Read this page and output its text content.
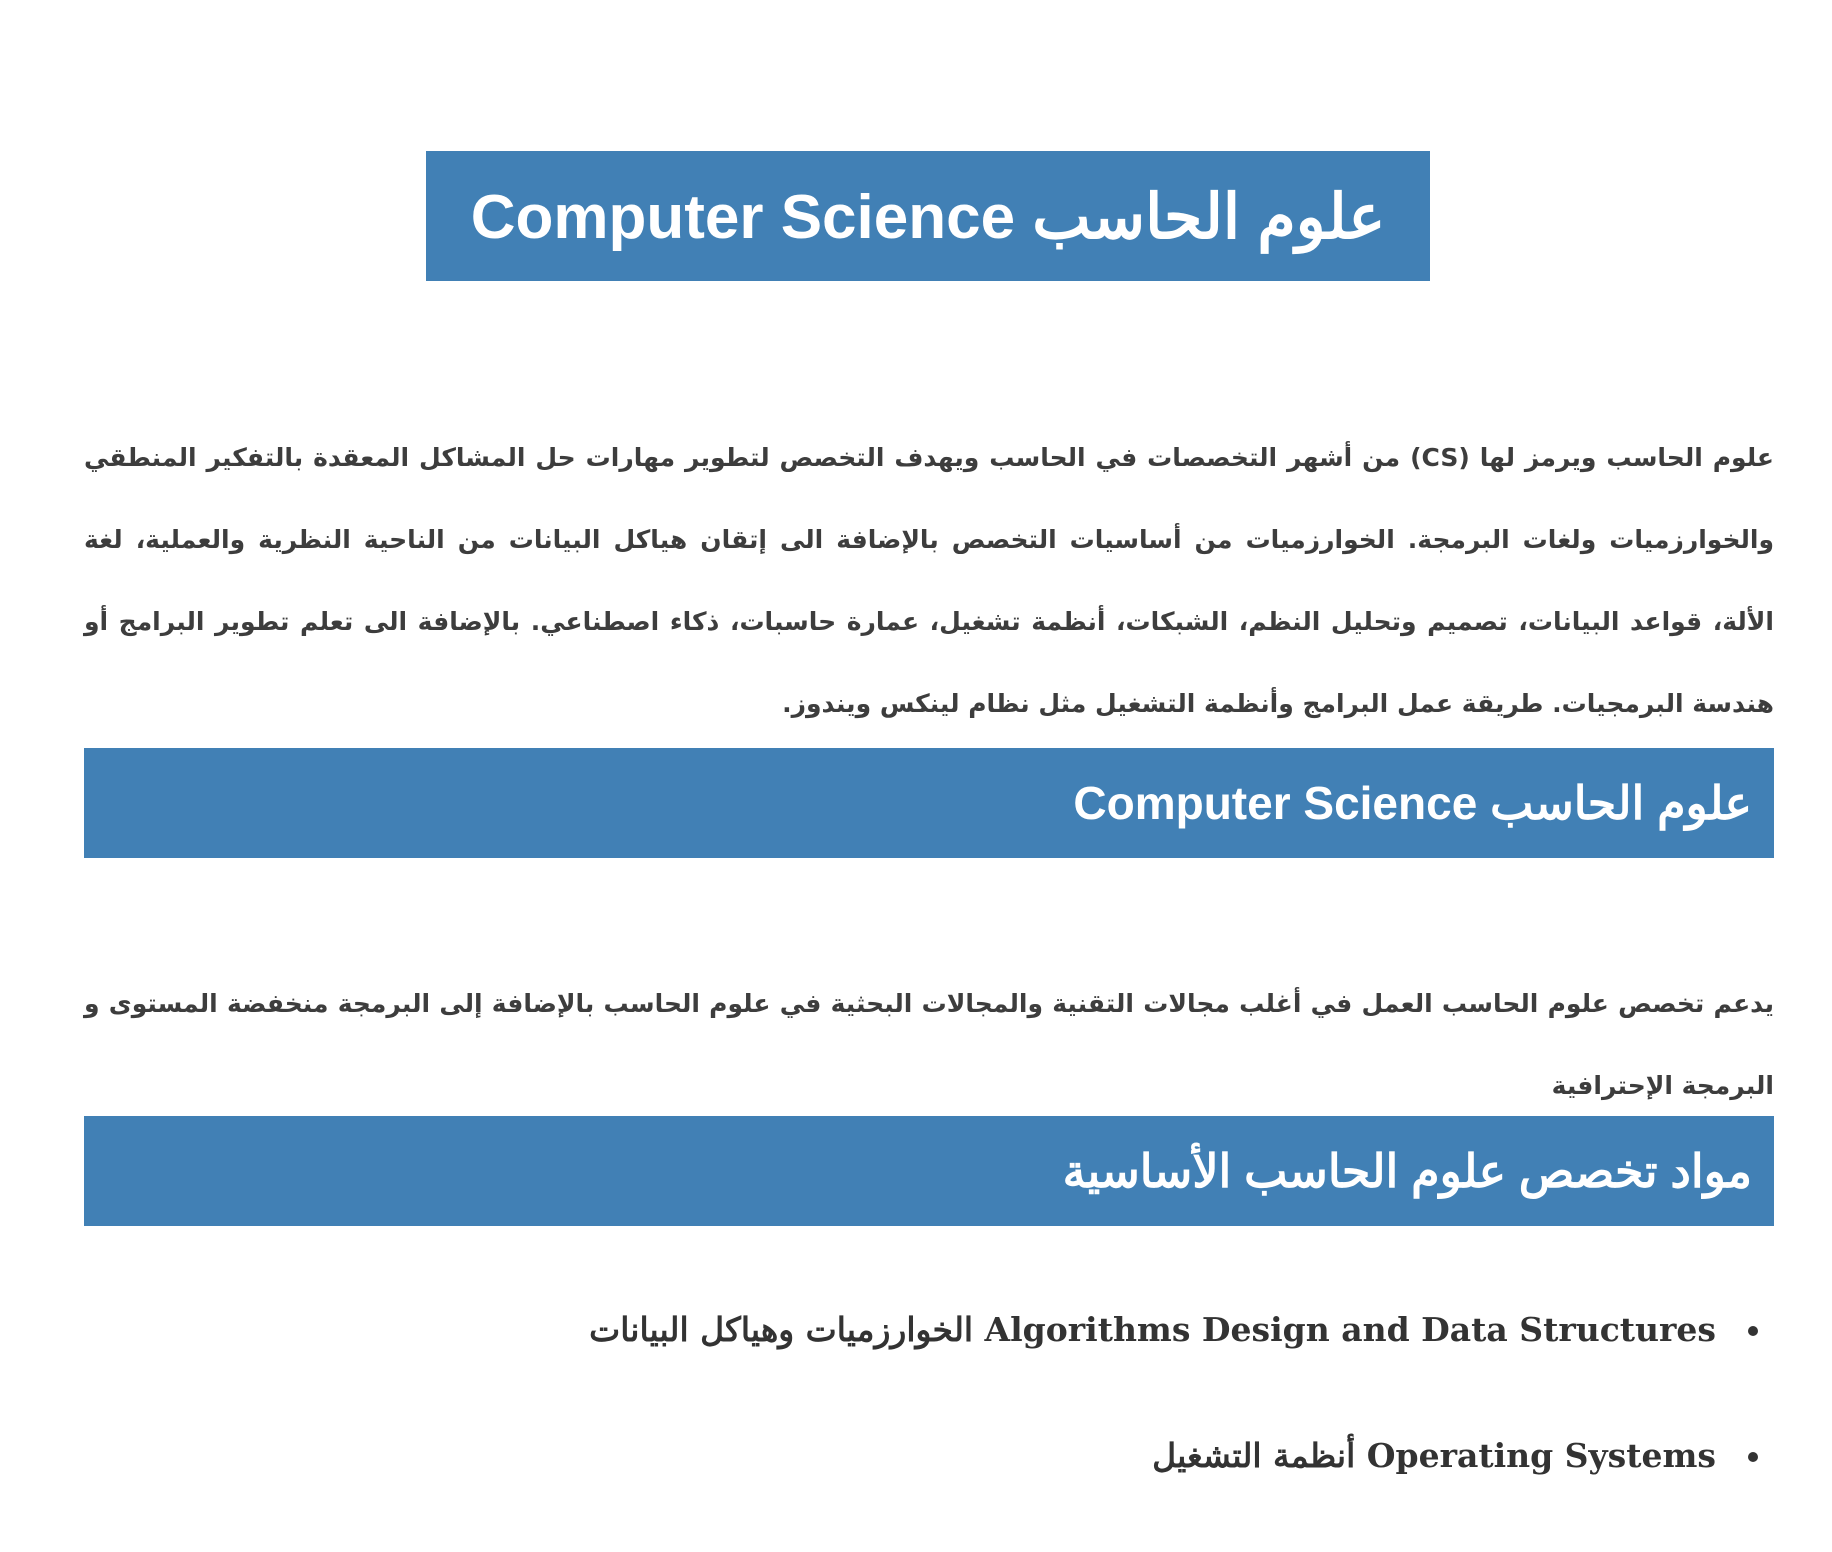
علوم الحاسب Computer Science

علوم الحاسب ويرمز لها (CS) من أشهر التخصصات في الحاسب ويهدف التخصص لتطوير مهارات حل المشاكل المعقدة بالتفكير المنطقي والخوارزميات ولغات البرمجة. الخوارزميات من أساسيات التخصص بالإضافة الى إتقان هياكل البيانات من الناحية النظرية والعملية، لغة الألة، قواعد البيانات، تصميم وتحليل النظم، الشبكات، أنظمة تشغيل، عمارة حاسبات، ذكاء اصطناعي. بالإضافة الى تعلم تطوير البرامج أو هندسة البرمجيات. طريقة عمل البرامج وأنظمة التشغيل مثل نظام لينكس ويندوز.

علوم الحاسب Computer Science

يدعم تخصص علوم الحاسب العمل في أغلب مجالات التقنية والمجالات البحثية في علوم الحاسب بالإضافة إلى البرمجة منخفضة المستوى و البرمجة الإحترافية

مواد تخصص علوم الحاسب الأساسية
Algorithms Design and Data Structures الخوارزميات وهياكل البيانات
Operating Systems أنظمة التشغيل
